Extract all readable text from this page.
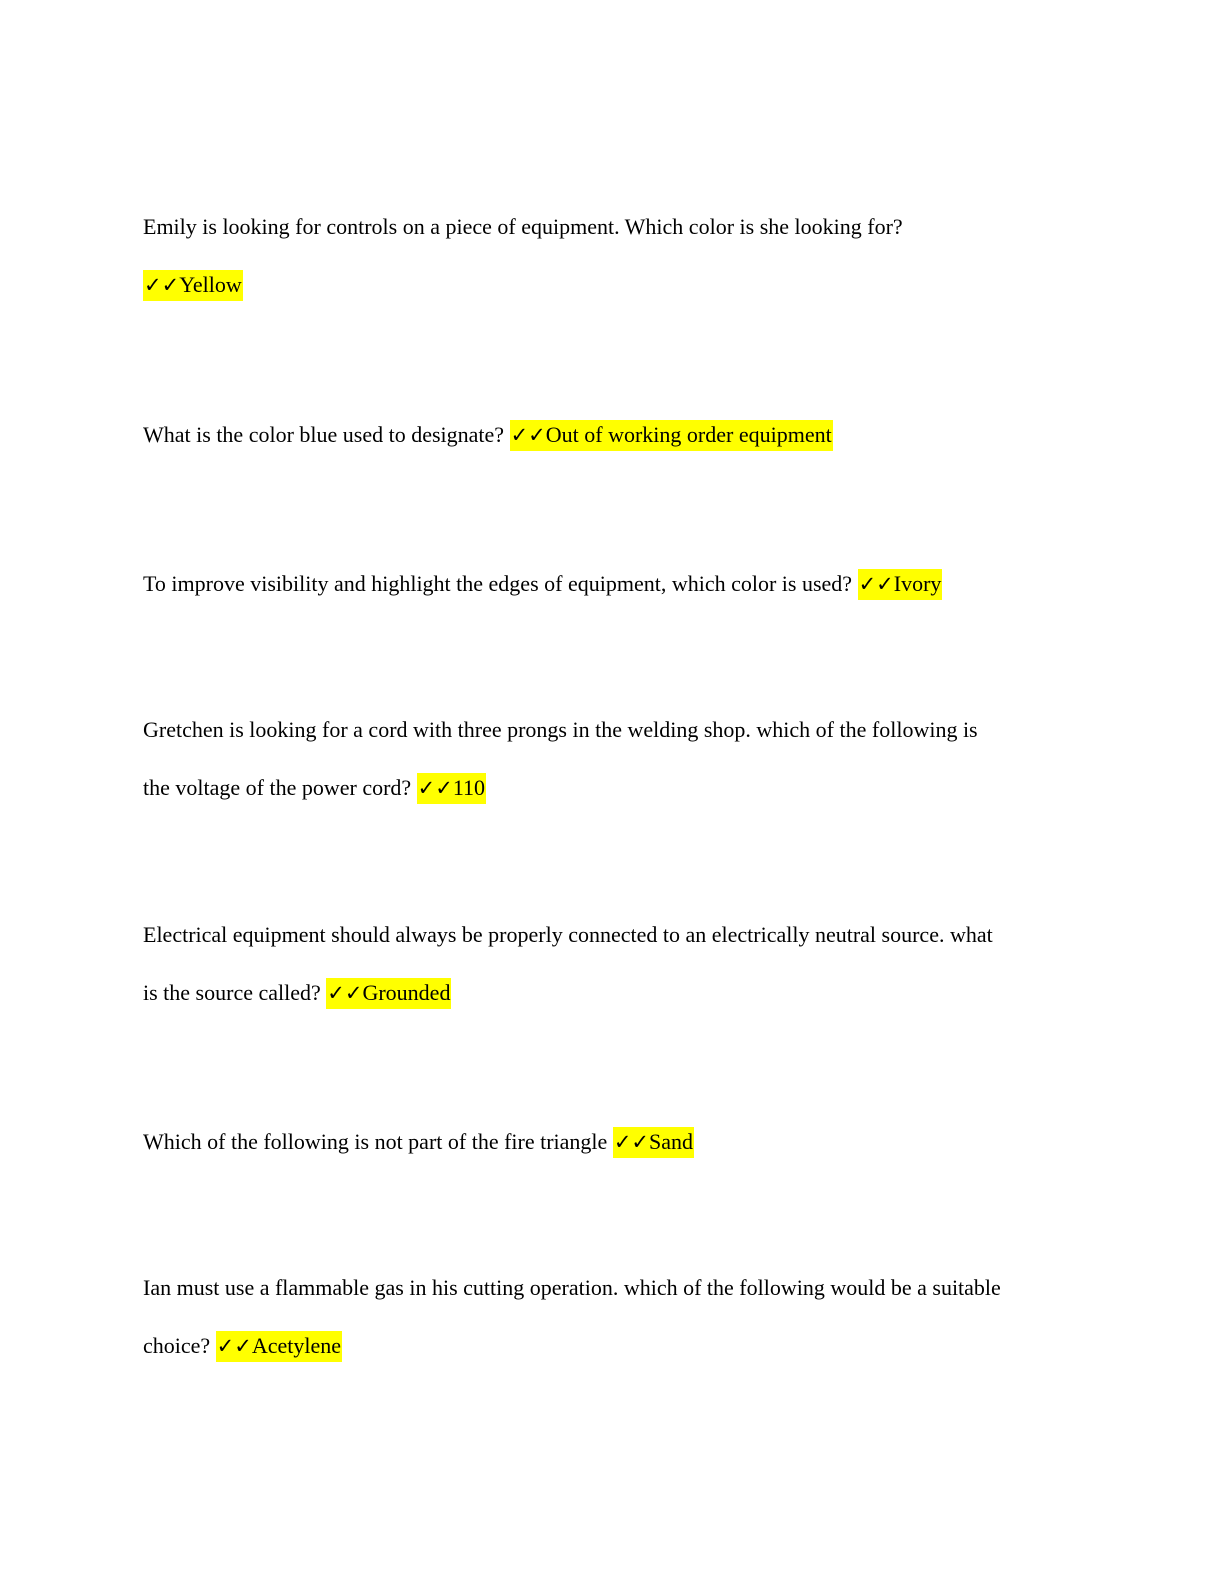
Emily is looking for controls on a piece of equipment. Which color is she looking for?
✓✓Yellow
What is the color blue used to designate? ✓✓Out of working order equipment
To improve visibility and highlight the edges of equipment, which color is used? ✓✓Ivory
Gretchen is looking for a cord with three prongs in the welding shop. which of the following is
the voltage of the power cord? ✓✓110
Electrical equipment should always be properly connected to an electrically neutral source. what
is the source called? ✓✓Grounded
Which of the following is not part of the fire triangle ✓✓Sand
Ian must use a flammable gas in his cutting operation. which of the following would be a suitable
choice? ✓✓Acetylene
